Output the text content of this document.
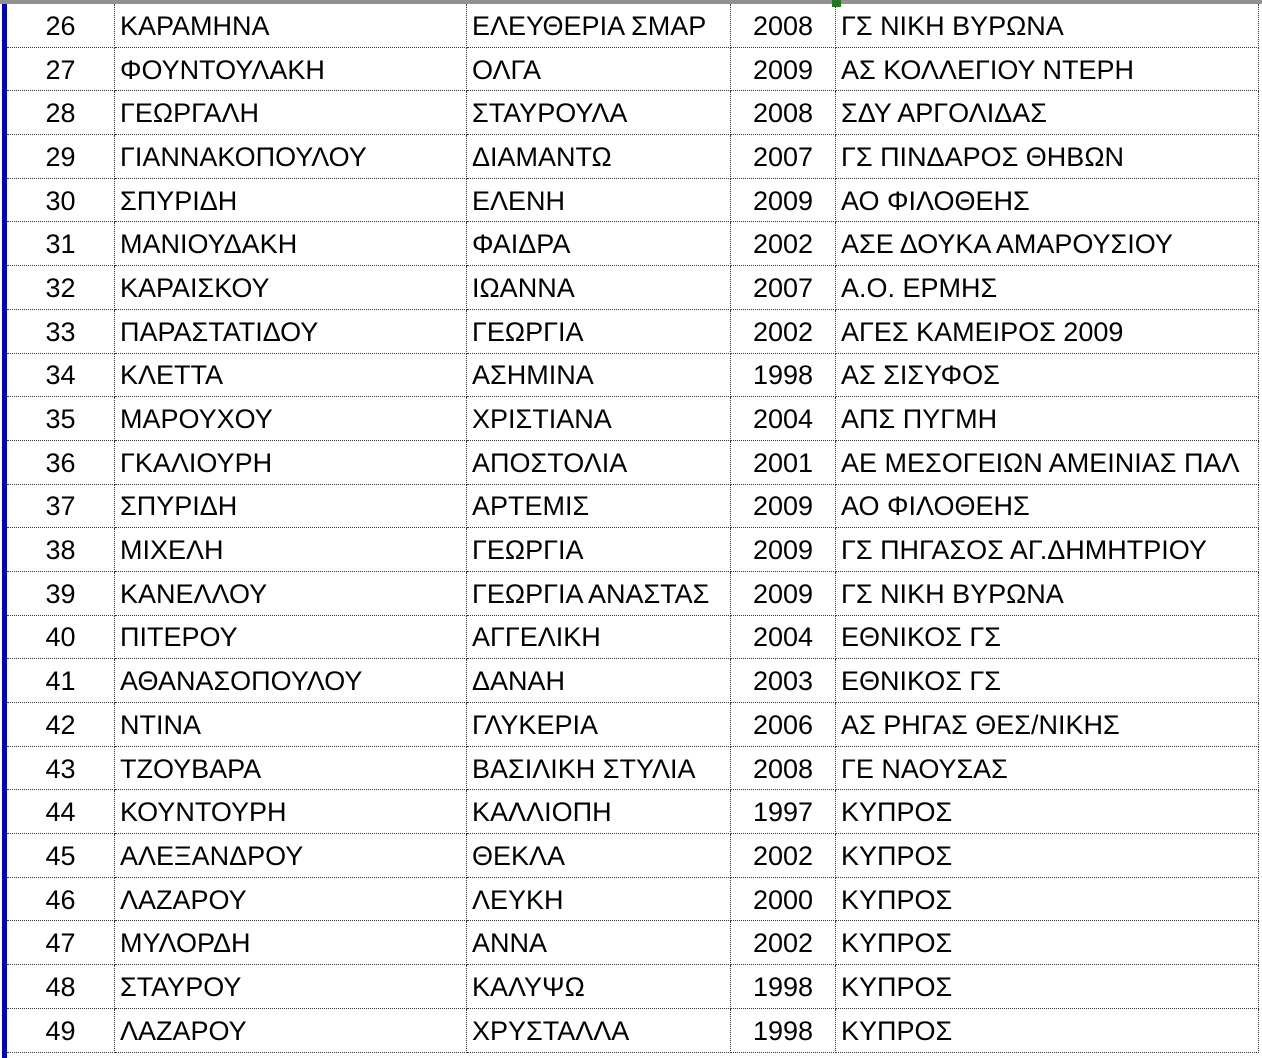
26	ΚΑΡΑΜΗΝΑ	ΕΛΕΥΘΕΡΙΑ ΣΜΑΡ	2008	ΓΣ ΝΙΚΗ ΒΥΡΩΝΑ
27	ΦΟΥΝΤΟΥΛΑΚΗ	ΟΛΓΑ	2009	ΑΣ ΚΟΛΛΕΓΙΟΥ ΝΤΕΡΗ
28	ΓΕΩΡΓΑΛΗ	ΣΤΑΥΡΟΥΛΑ	2008	ΣΔΥ ΑΡΓΟΛΙΔΑΣ
29	ΓΙΑΝΝΑΚΟΠΟΥΛΟΥ	ΔΙΑΜΑΝΤΩ	2007	ΓΣ ΠΙΝΔΑΡΟΣ ΘΗΒΩΝ
30	ΣΠΥΡΙΔΗ	ΕΛΕΝΗ	2009	ΑΟ ΦΙΛΟΘΕΗΣ
31	ΜΑΝΙΟΥΔΑΚΗ	ΦΑΙΔΡΑ	2002	ΑΣΕ ΔΟΥΚΑ ΑΜΑΡΟΥΣΙΟΥ
32	ΚΑΡΑΙΣΚΟΥ	ΙΩΑΝΝΑ	2007	Α.Ο. ΕΡΜΗΣ
33	ΠΑΡΑΣΤΑΤΙΔΟΥ	ΓΕΩΡΓΙΑ	2002	ΑΓΕΣ ΚΑΜΕΙΡΟΣ 2009
34	ΚΛΕΤΤΑ	ΑΣΗΜΙΝΑ	1998	ΑΣ ΣΙΣΥΦΟΣ
35	ΜΑΡΟΥΧΟΥ	ΧΡΙΣΤΙΑΝΑ	2004	ΑΠΣ ΠΥΓΜΗ
36	ΓΚΑΛΙΟΥΡΗ	ΑΠΟΣΤΟΛΙΑ	2001	ΑΕ ΜΕΣΟΓΕΙΩΝ ΑΜΕΙΝΙΑΣ ΠΑΛ
37	ΣΠΥΡΙΔΗ	ΑΡΤΕΜΙΣ	2009	ΑΟ ΦΙΛΟΘΕΗΣ
38	ΜΙΧΕΛΗ	ΓΕΩΡΓΙΑ	2009	ΓΣ ΠΗΓΑΣΟΣ ΑΓ.ΔΗΜΗΤΡΙΟΥ
39	ΚΑΝΕΛΛΟΥ	ΓΕΩΡΓΙΑ ΑΝΑΣΤΑΣ	2009	ΓΣ ΝΙΚΗ ΒΥΡΩΝΑ
40	ΠΙΤΕΡΟΥ	ΑΓΓΕΛΙΚΗ	2004	ΕΘΝΙΚΟΣ ΓΣ
41	ΑΘΑΝΑΣΟΠΟΥΛΟΥ	ΔΑΝΑΗ	2003	ΕΘΝΙΚΟΣ ΓΣ
42	ΝΤΙΝΑ	ΓΛΥΚΕΡΙΑ	2006	ΑΣ ΡΗΓΑΣ ΘΕΣ/ΝΙΚΗΣ
43	ΤΖΟΥΒΑΡΑ	ΒΑΣΙΛΙΚΗ ΣΤΥΛΙΑ	2008	ΓΕ ΝΑΟΥΣΑΣ
44	ΚΟΥΝΤΟΥΡΗ	ΚΑΛΛΙΟΠΗ	1997	ΚΥΠΡΟΣ
45	ΑΛΕΞΑΝΔΡΟΥ	ΘΕΚΛΑ	2002	ΚΥΠΡΟΣ
46	ΛΑΖΑΡΟΥ	ΛΕΥΚΗ	2000	ΚΥΠΡΟΣ
47	ΜΥΛΟΡΔΗ	ΑΝΝΑ	2002	ΚΥΠΡΟΣ
48	ΣΤΑΥΡΟΥ	ΚΑΛΥΨΩ	1998	ΚΥΠΡΟΣ
49	ΛΑΖΑΡΟΥ	ΧΡΥΣΤΑΛΛΑ	1998	ΚΥΠΡΟΣ
